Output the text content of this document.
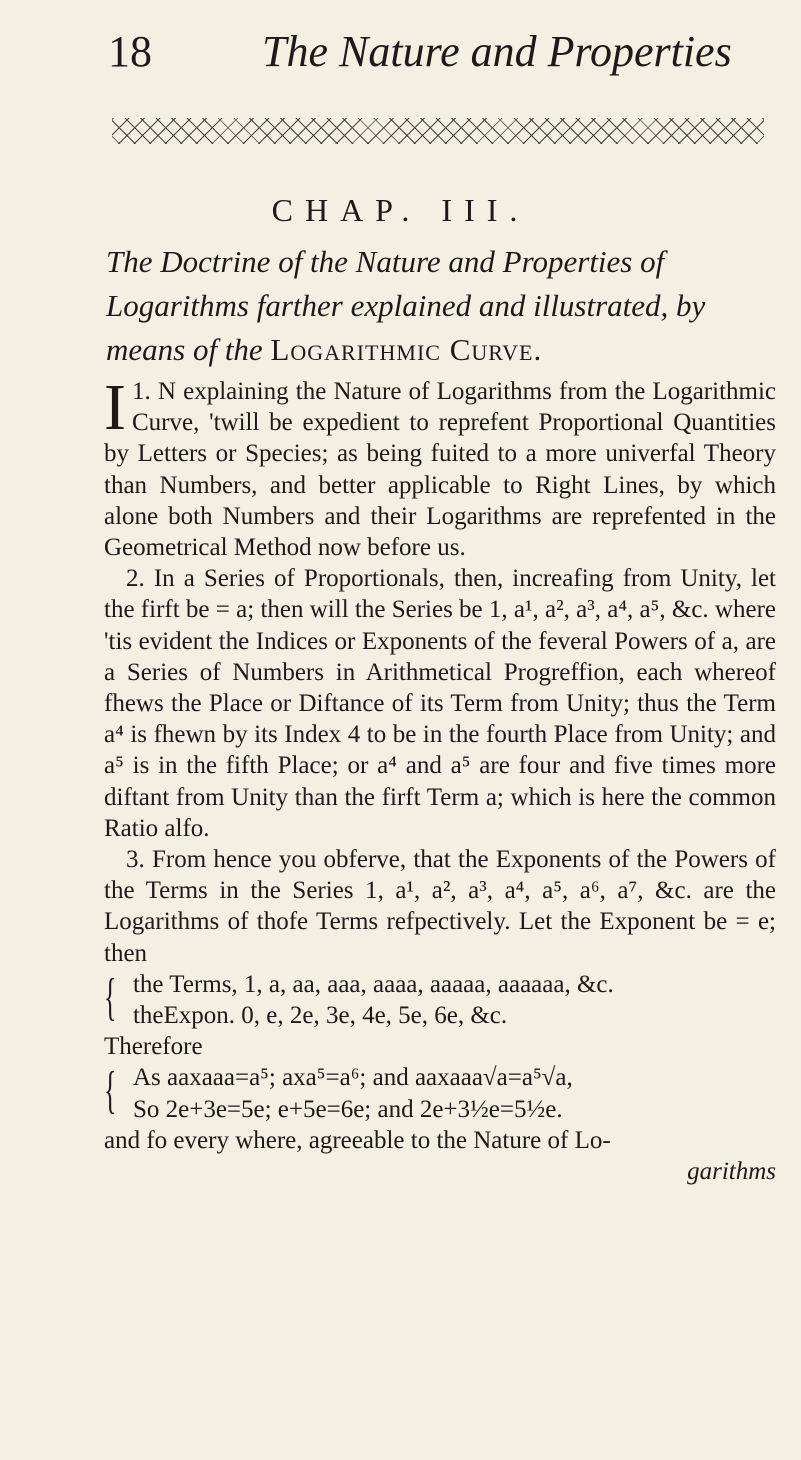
18	The Nature and Properties
CHAP. III.
The Doctrine of the Nature and Properties of Logarithms farther explained and illustrated, by means of the Logarithmic Curve.

1.
I N explaining the Nature of Logarithms from the Logarithmic Curve, 'twill be expedient to reprefent Proportional Quantities by Letters or Species; as being fuited to a more univerfal Theory than Numbers, and better applicable to Right Lines, by which alone both Numbers and their Logarithms are reprefented in the Geometrical Method now before us.

2. In a Series of Proportionals, then, increafing from Unity, let the firft be = a; then will the Series be 1, a¹, a², a³, a⁴, a⁵, &c. where 'tis evident the Indices or Exponents of the feveral Powers of a, are a Series of Numbers in Arithmetical Progreffion, each whereof fhews the Place or Diftance of its Term from Unity; thus the Term a⁴ is fhewn by its Index 4 to be in the fourth Place from Unity; and a⁵ is in the fifth Place; or a⁴ and a⁵ are four and five times more diftant from Unity than the firft Term a; which is here the common Ratio alfo.

3. From hence you obferve, that the Exponents of the Powers of the Terms in the Series 1, a¹, a², a³, a⁴, a⁵, a⁶, a⁷, &c. are the Logarithms of thofe Terms refpectively. Let the Exponent be = e; then

{ the Terms, 1, a, aa, aaa, aaaa, aaaaa, aaaaaa, &c.
theExpon. 0, e, 2e, 3e, 4e, 5e, 6e, &c.
Therefore
{ As aaxaaa=a⁵; axa⁵=a⁶; and aaxaaa√a=a⁵√a,
So 2e+3e=5e; e+5e=6e; and 2e+3½e=5½e.
and fo every where, agreeable to the Nature of Lo-
garithms
